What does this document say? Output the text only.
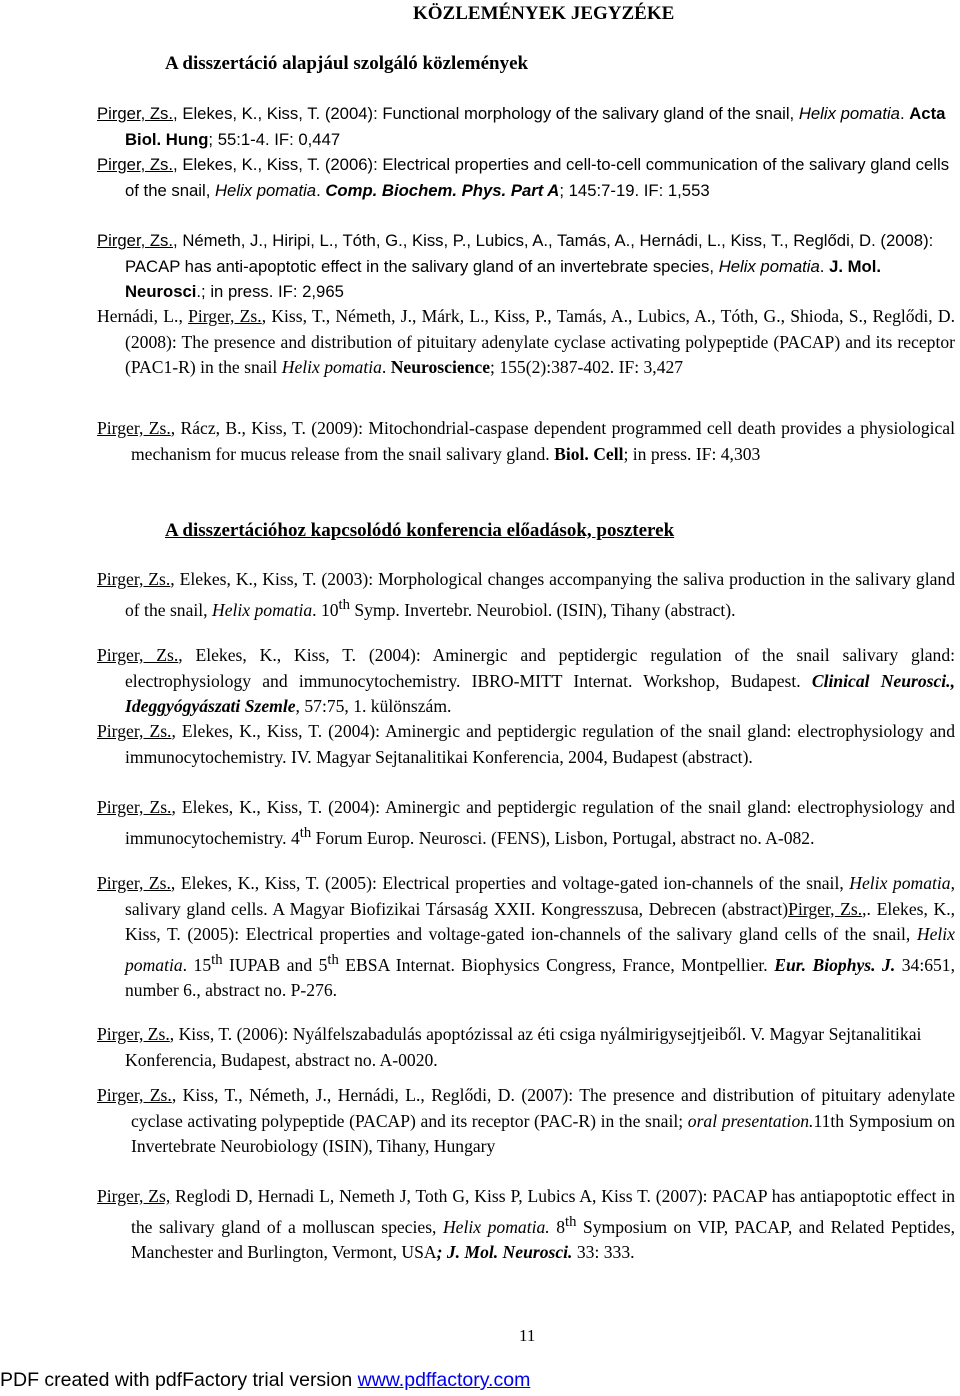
KÖZLEMÉNYEK JEGYZÉKE
A disszertáció alapjául szolgáló közlemények
Pirger, Zs., Elekes, K., Kiss, T. (2004): Functional morphology of the salivary gland of the snail, Helix pomatia. Acta Biol. Hung; 55:1-4. IF: 0,447
Pirger, Zs., Elekes, K., Kiss, T. (2006): Electrical properties and cell-to-cell communication of the salivary gland cells of the snail, Helix pomatia. Comp. Biochem. Phys. Part A; 145:7-19. IF: 1,553
Pirger, Zs., Németh, J., Hiripi, L., Tóth, G., Kiss, P., Lubics, A., Tamás, A., Hernádi, L., Kiss, T., Reglődi, D. (2008): PACAP has anti-apoptotic effect in the salivary gland of an invertebrate species, Helix pomatia. J. Mol. Neurosci.; in press. IF: 2,965
Hernádi, L., Pirger, Zs., Kiss, T., Németh, J., Márk, L., Kiss, P., Tamás, A., Lubics, A., Tóth, G., Shioda, S., Reglődi, D. (2008): The presence and distribution of pituitary adenylate cyclase activating polypeptide (PACAP) and its receptor (PAC1-R) in the snail Helix pomatia. Neuroscience; 155(2):387-402. IF: 3,427
Pirger, Zs., Rácz, B., Kiss, T. (2009): Mitochondrial-caspase dependent programmed cell death provides a physiological mechanism for mucus release from the snail salivary gland. Biol. Cell; in press. IF: 4,303
A disszertációhoz kapcsolódó konferencia előadások, poszterek
Pirger, Zs., Elekes, K., Kiss, T. (2003): Morphological changes accompanying the saliva production in the salivary gland of the snail, Helix pomatia. 10th Symp. Invertebr. Neurobiol. (ISIN), Tihany (abstract).
Pirger, Zs., Elekes, K., Kiss, T. (2004): Aminergic and peptidergic regulation of the snail salivary gland: electrophysiology and immunocytochemistry. IBRO-MITT Internat. Workshop, Budapest. Clinical Neurosci., Ideggyógyászati Szemle, 57:75, 1. különszám.
Pirger, Zs., Elekes, K., Kiss, T. (2004): Aminergic and peptidergic regulation of the snail gland: electrophysiology and immunocytochemistry. IV. Magyar Sejtanalitikai Konferencia, 2004, Budapest (abstract).
Pirger, Zs., Elekes, K., Kiss, T. (2004): Aminergic and peptidergic regulation of the snail gland: electrophysiology and immunocytochemistry. 4th Forum Europ. Neurosci. (FENS), Lisbon, Portugal, abstract no. A-082.
Pirger, Zs., Elekes, K., Kiss, T. (2005): Electrical properties and voltage-gated ion-channels of the snail, Helix pomatia, salivary gland cells. A Magyar Biofizikai Társaság XXII. Kongresszusa, Debrecen (abstract)Pirger, Zs.,. Elekes, K., Kiss, T. (2005): Electrical properties and voltage-gated ion-channels of the salivary gland cells of the snail, Helix pomatia. 15th IUPAB and 5th EBSA Internat. Biophysics Congress, France, Montpellier. Eur. Biophys. J. 34:651, number 6., abstract no. P-276.
Pirger, Zs., Kiss, T. (2006): Nyálfelszabadulás apoptózissal az éti csiga nyálmirigysejtjeiből. V. Magyar Sejtanalitikai Konferencia, Budapest, abstract no. A-0020.
Pirger, Zs., Kiss, T., Németh, J., Hernádi, L., Reglődi, D. (2007): The presence and distribution of pituitary adenylate cyclase activating polypeptide (PACAP) and its receptor (PAC-R) in the snail; oral presentation.11th Symposium on Invertebrate Neurobiology (ISIN), Tihany, Hungary
Pirger, Zs, Reglodi D, Hernadi L, Nemeth J, Toth G, Kiss P, Lubics A, Kiss T. (2007): PACAP has antiapoptotic effect in the salivary gland of a molluscan species, Helix pomatia. 8th Symposium on VIP, PACAP, and Related Peptides, Manchester and Burlington, Vermont, USA; J. Mol. Neurosci. 33: 333.
11
PDF created with pdfFactory trial version www.pdffactory.com
